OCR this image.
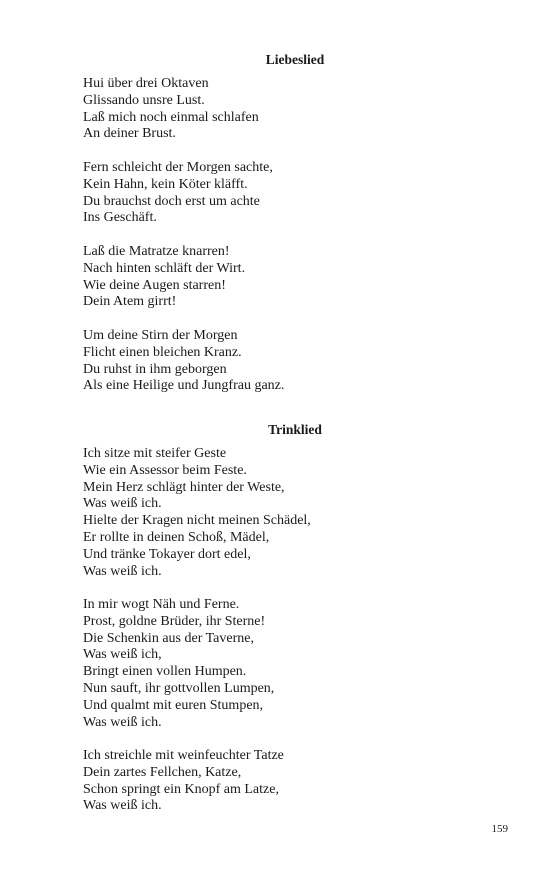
Liebeslied
Hui über drei Oktaven
Glissando unsre Lust.
Laß mich noch einmal schlafen
An deiner Brust.
Fern schleicht der Morgen sachte,
Kein Hahn, kein Köter kläfft.
Du brauchst doch erst um achte
Ins Geschäft.
Laß die Matratze knarren!
Nach hinten schläft der Wirt.
Wie deine Augen starren!
Dein Atem girrt!
Um deine Stirn der Morgen
Flicht einen bleichen Kranz.
Du ruhst in ihm geborgen
Als eine Heilige und Jungfrau ganz.
Trinklied
Ich sitze mit steifer Geste
Wie ein Assessor beim Feste.
Mein Herz schlägt hinter der Weste,
Was weiß ich.
Hielte der Kragen nicht meinen Schädel,
Er rollte in deinen Schoß, Mädel,
Und tränke Tokayer dort edel,
Was weiß ich.
In mir wogt Näh und Ferne.
Prost, goldne Brüder, ihr Sterne!
Die Schenkin aus der Taverne,
Was weiß ich,
Bringt einen vollen Humpen.
Nun sauft, ihr gottvollen Lumpen,
Und qualmt mit euren Stumpen,
Was weiß ich.
Ich streichle mit weinfeuchter Tatze
Dein zartes Fellchen, Katze,
Schon springt ein Knopf am Latze,
Was weiß ich.
159
